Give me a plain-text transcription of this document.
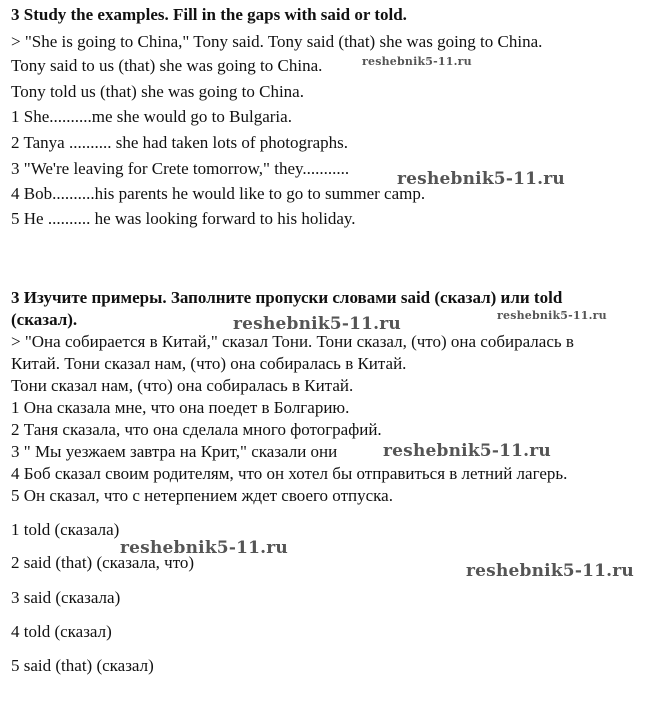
3 Study the examples. Fill in the gaps with said or told.
> "She is going to China," Tony said. Tony said (that) she was going to China.
Tony said to us (that) she was going to China.
Tony told us (that) she was going to China.
1 She..........me she would go to Bulgaria.
2 Tanya .......... she had taken lots of photographs.
3 "We're leaving for Crete tomorrow," they...........
4 Bob..........his parents he would like to go to summer camp.
5 He .......... he was looking forward to his holiday.
3 Изучите примеры. Заполните пропуски словами said (сказал) или told
(сказал).
> "Она собирается в Китай," сказал Тони. Тони сказал, (что) она собиралась в
Китай. Тони сказал нам, (что) она собиралась в Китай.
Тони сказал нам, (что) она собиралась в Китай.
1 Она сказала мне, что она поедет в Болгарию.
2 Таня сказала, что она сделала много фотографий.
3 " Мы уезжаем завтра на Крит," сказали они
4 Боб сказал своим родителям, что он хотел бы отправиться в летний лагерь.
5 Он сказал, что с нетерпением ждет своего отпуска.
1 told (сказала)
2 said (that) (сказала, что)
3 said (сказала)
4 told (сказал)
5 said (that) (сказал)
reshebnik5-11.ru
reshebnik5-11.ru
reshebnik5-11.ru	reshebnik5-11.ru
reshebnik5-11.ru
reshebnik5-11.ru
reshebnik5-11.ru
